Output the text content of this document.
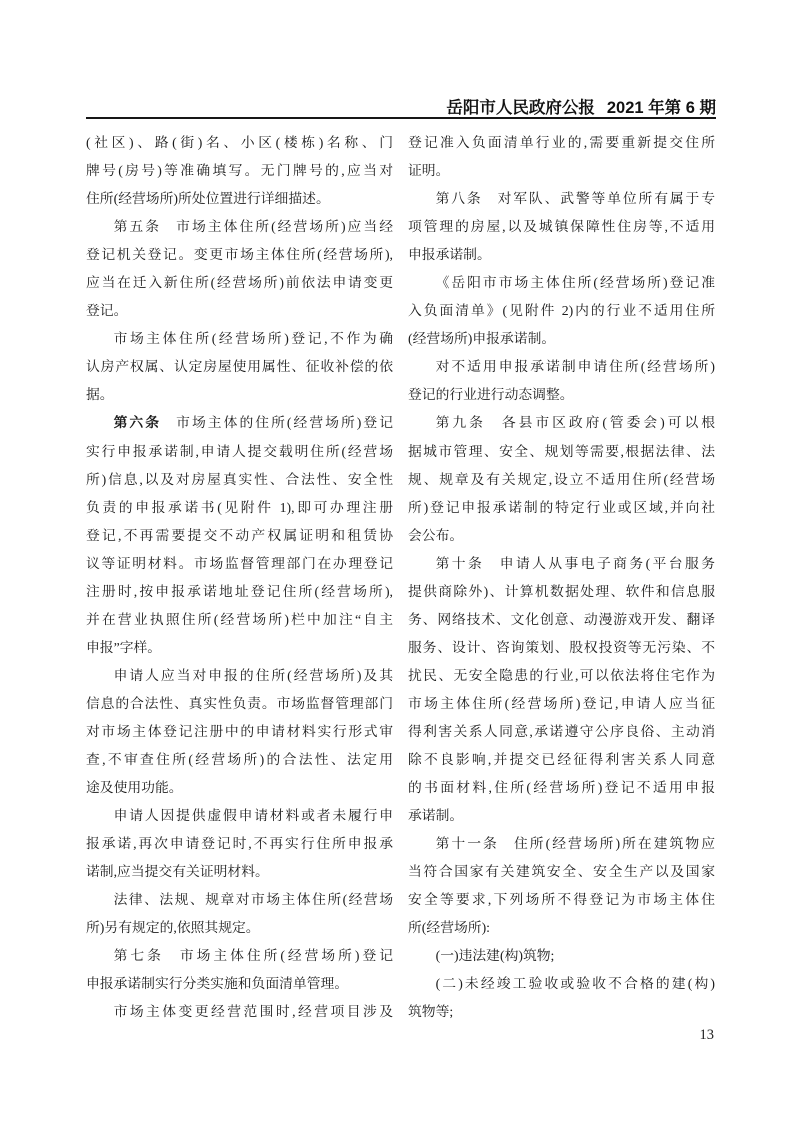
岳阳市人民政府公报 2021 年第 6 期
(社区)、路(街)名、小区(楼栋)名称、门
牌号(房号)等准确填写。无门牌号的,应当对
住所(经营场所)所处位置进行详细描述。
第五条 市场主体住所(经营场所)应当经
登记机关登记。变更市场主体住所(经营场所),
应当在迁入新住所(经营场所)前依法申请变更
登记。
市场主体住所(经营场所)登记,不作为确
认房产权属、认定房屋使用属性、征收补偿的依
据。
第六条 市场主体的住所(经营场所)登记
实行申报承诺制,申请人提交载明住所(经营场
所)信息,以及对房屋真实性、合法性、安全性
负责的申报承诺书(见附件 1),即可办理注册
登记,不再需要提交不动产权属证明和租赁协
议等证明材料。市场监督管理部门在办理登记
注册时,按申报承诺地址登记住所(经营场所),
并在营业执照住所(经营场所)栏中加注“自主
申报”字样。
申请人应当对申报的住所(经营场所)及其
信息的合法性、真实性负责。市场监督管理部门
对市场主体登记注册中的申请材料实行形式审
查,不审查住所(经营场所)的合法性、法定用
途及使用功能。
申请人因提供虚假申请材料或者未履行申
报承诺,再次申请登记时,不再实行住所申报承
诺制,应当提交有关证明材料。
法律、法规、规章对市场主体住所(经营场
所)另有规定的,依照其规定。
第七条 市场主体住所(经营场所)登记
申报承诺制实行分类实施和负面清单管理。
市场主体变更经营范围时,经营项目涉及
登记准入负面清单行业的,需要重新提交住所
证明。
第八条 对军队、武警等单位所有属于专
项管理的房屋,以及城镇保障性住房等,不适用
申报承诺制。
《岳阳市市场主体住所(经营场所)登记准
入负面清单》(见附件 2)内的行业不适用住所
(经营场所)申报承诺制。
对不适用申报承诺制申请住所(经营场所)
登记的行业进行动态调整。
第九条 各县市区政府(管委会)可以根
据城市管理、安全、规划等需要,根据法律、法
规、规章及有关规定,设立不适用住所(经营场
所)登记申报承诺制的特定行业或区域,并向社
会公布。
第十条 申请人从事电子商务(平台服务
提供商除外)、计算机数据处理、软件和信息服
务、网络技术、文化创意、动漫游戏开发、翻译
服务、设计、咨询策划、股权投资等无污染、不
扰民、无安全隐患的行业,可以依法将住宅作为
市场主体住所(经营场所)登记,申请人应当征
得利害关系人同意,承诺遵守公序良俗、主动消
除不良影响,并提交已经征得利害关系人同意
的书面材料,住所(经营场所)登记不适用申报
承诺制。
第十一条 住所(经营场所)所在建筑物应
当符合国家有关建筑安全、安全生产以及国家
安全等要求,下列场所不得登记为市场主体住
所(经营场所):
(一)违法建(构)筑物;
(二)未经竣工验收或验收不合格的建(构)
筑物等;
13
